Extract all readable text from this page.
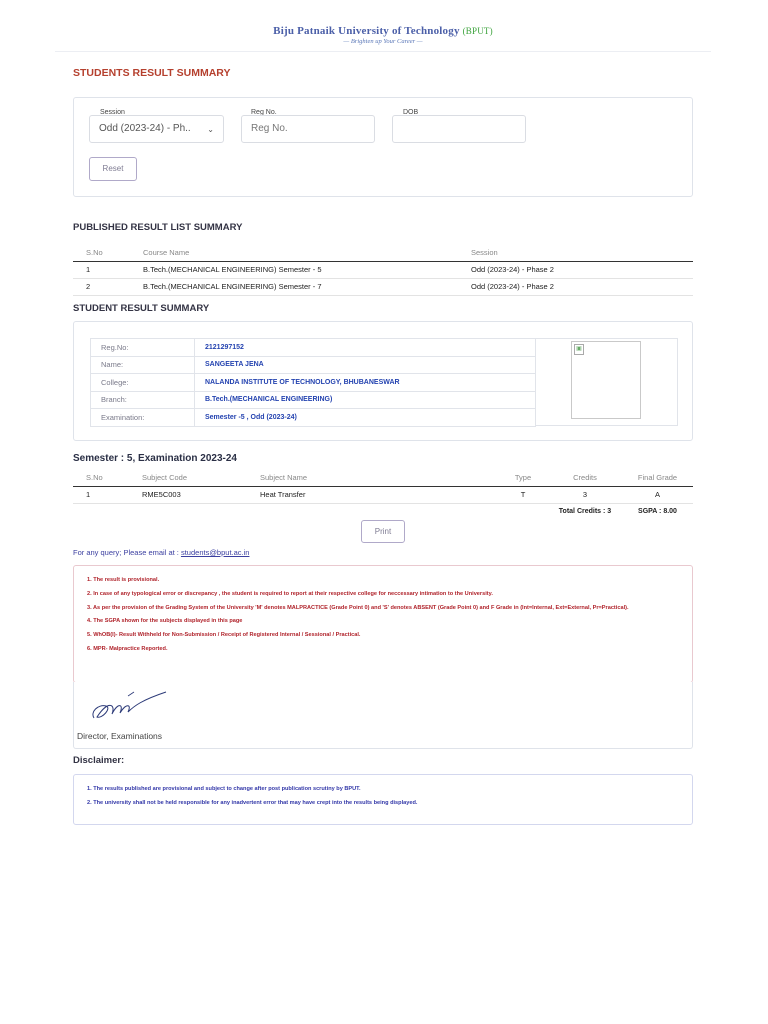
Biju Patnaik University of Technology (BPUT)
— Brighten up Your Career —
STUDENTS RESULT SUMMARY
Session
Odd (2023-24) - Ph.. ⌄
Reg No.
Reg No.
DOB
Reset
PUBLISHED RESULT LIST SUMMARY
S.No	Course Name	Session
1	B.Tech.(MECHANICAL ENGINEERING) Semester - 5	Odd (2023-24) - Phase 2
2	B.Tech.(MECHANICAL ENGINEERING) Semester - 7	Odd (2023-24) - Phase 2
STUDENT RESULT SUMMARY
Reg.No:	2121297152
Name:	SANGEETA JENA
College:	NALANDA INSTITUTE OF TECHNOLOGY, BHUBANESWAR
Branch:	B.Tech.(MECHANICAL ENGINEERING)
Examination:	Semester -5 , Odd (2023-24)
▣
Semester : 5, Examination 2023-24
S.No	Subject Code	Subject Name	Type	Credits	Final Grade
1	RME5C003	Heat Transfer	T	3	A
				Total Credits : 3	SGPA : 8.00
Print
For any query; Please email at : students@bput.ac.in

1. The result is provisional.

2. In case of any typological error or discrepancy , the student is required to report at their respective college for neccessary intimation to the University.

3. As per the provision of the Grading System of the University 'M' denotes MALPRACTICE (Grade Point 0) and 'S' denotes ABSENT (Grade Point 0) and F Grade in (Int=Internal, Ext=External, Pr=Practical).

4. The SGPA shown for the subjects displayed in this page

5. WhOB(I)- Result Withheld for Non-Submission / Receipt of Registered Internal / Sessional / Practical.

6. MPR- Malpractice Reported.

Director, Examinations
Disclaimer:

1. The results published are provisional and subject to change after post publication scrutiny by BPUT.

2. The university shall not be held responsible for any inadvertent error that may have crept into the results being displayed.
